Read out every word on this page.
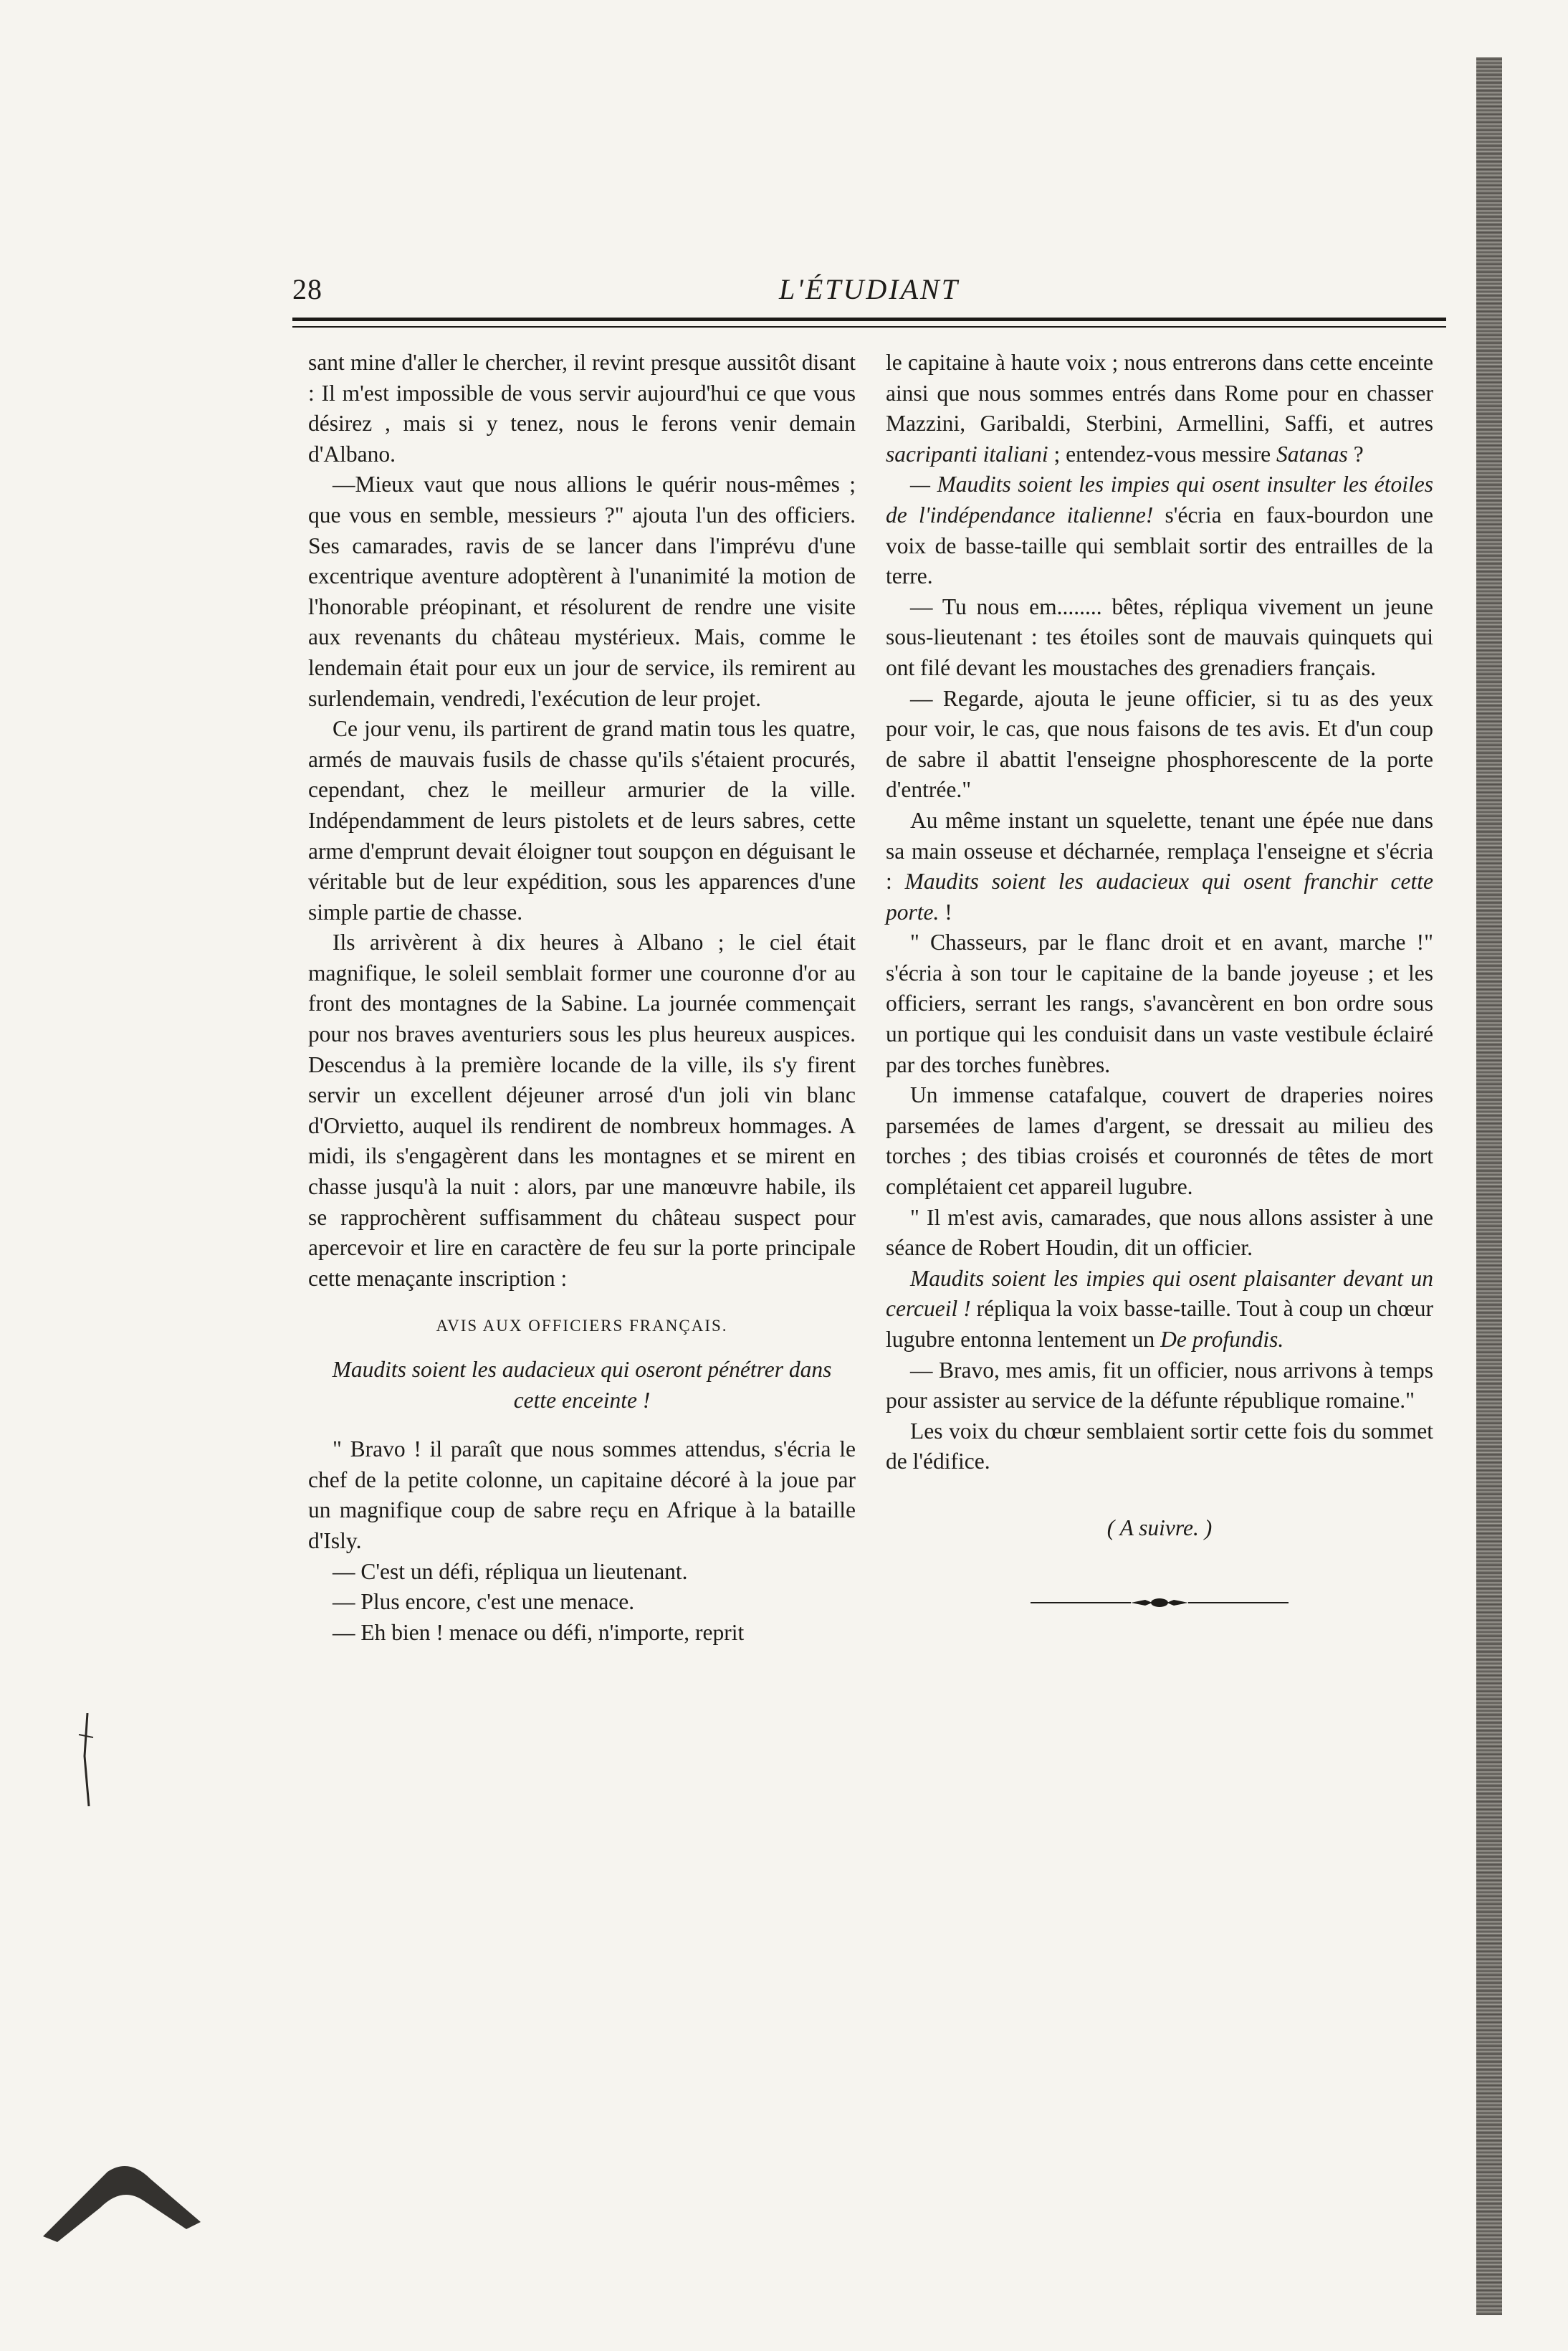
28	L'ÉTUDIANT

sant mine d'aller le chercher, il revint presque aussitôt disant : Il m'est impossible de vous servir aujourd'hui ce que vous désirez , mais si y tenez, nous le ferons venir demain d'Albano.

—Mieux vaut que nous allions le quérir nous-mêmes ; que vous en semble, messieurs ?" ajouta l'un des officiers. Ses camarades, ravis de se lancer dans l'imprévu d'une excentrique aventure adoptèrent à l'unanimité la motion de l'honorable préopinant, et résolurent de rendre une visite aux revenants du château mystérieux. Mais, comme le lendemain était pour eux un jour de service, ils remirent au surlendemain, vendredi, l'exécution de leur projet.

Ce jour venu, ils partirent de grand matin tous les quatre, armés de mauvais fusils de chasse qu'ils s'étaient procurés, cependant, chez le meilleur armurier de la ville. Indépendamment de leurs pistolets et de leurs sabres, cette arme d'emprunt devait éloigner tout soupçon en déguisant le véritable but de leur expédition, sous les apparences d'une simple partie de chasse.

Ils arrivèrent à dix heures à Albano ; le ciel était magnifique, le soleil semblait former une couronne d'or au front des montagnes de la Sabine. La journée commençait pour nos braves aventuriers sous les plus heureux auspices. Descendus à la première locande de la ville, ils s'y firent servir un excellent déjeuner arrosé d'un joli vin blanc d'Orvietto, auquel ils rendirent de nombreux hommages. A midi, ils s'engagèrent dans les montagnes et se mirent en chasse jusqu'à la nuit : alors, par une manœuvre habile, ils se rapprochèrent suffisamment du château suspect pour apercevoir et lire en caractère de feu sur la porte principale cette menaçante inscription :

AVIS AUX OFFICIERS FRANÇAIS.

Maudits soient les audacieux qui oseront pénétrer dans cette enceinte !

" Bravo ! il paraît que nous sommes attendus, s'écria le chef de la petite colonne, un capitaine décoré à la joue par un magnifique coup de sabre reçu en Afrique à la bataille d'Isly.

— C'est un défi, répliqua un lieutenant.

— Plus encore, c'est une menace.

— Eh bien ! menace ou défi, n'importe, reprit

le capitaine à haute voix ; nous entrerons dans cette enceinte ainsi que nous sommes entrés dans Rome pour en chasser Mazzini, Garibaldi, Sterbini, Armellini, Saffi, et autres sacripanti italiani ; entendez-vous messire Satanas ?

— Maudits soient les impies qui osent insulter les étoiles de l'indépendance italienne! s'écria en faux-bourdon une voix de basse-taille qui semblait sortir des entrailles de la terre.

— Tu nous em........ bêtes, répliqua vivement un jeune sous-lieutenant : tes étoiles sont de mauvais quinquets qui ont filé devant les moustaches des grenadiers français.

— Regarde, ajouta le jeune officier, si tu as des yeux pour voir, le cas, que nous faisons de tes avis. Et d'un coup de sabre il abattit l'enseigne phosphorescente de la porte d'entrée."

Au même instant un squelette, tenant une épée nue dans sa main osseuse et décharnée, remplaça l'enseigne et s'écria : Maudits soient les audacieux qui osent franchir cette porte. !

" Chasseurs, par le flanc droit et en avant, marche !" s'écria à son tour le capitaine de la bande joyeuse ; et les officiers, serrant les rangs, s'avancèrent en bon ordre sous un portique qui les conduisit dans un vaste vestibule éclairé par des torches funèbres.

Un immense catafalque, couvert de draperies noires parsemées de lames d'argent, se dressait au milieu des torches ; des tibias croisés et couronnés de têtes de mort complétaient cet appareil lugubre.

" Il m'est avis, camarades, que nous allons assister à une séance de Robert Houdin, dit un officier.

Maudits soient les impies qui osent plaisanter devant un cercueil ! répliqua la voix basse-taille. Tout à coup un chœur lugubre entonna lentement un De profundis.

— Bravo, mes amis, fit un officier, nous arrivons à temps pour assister au service de la défunte république romaine."

Les voix du chœur semblaient sortir cette fois du sommet de l'édifice.

( A suivre. )
